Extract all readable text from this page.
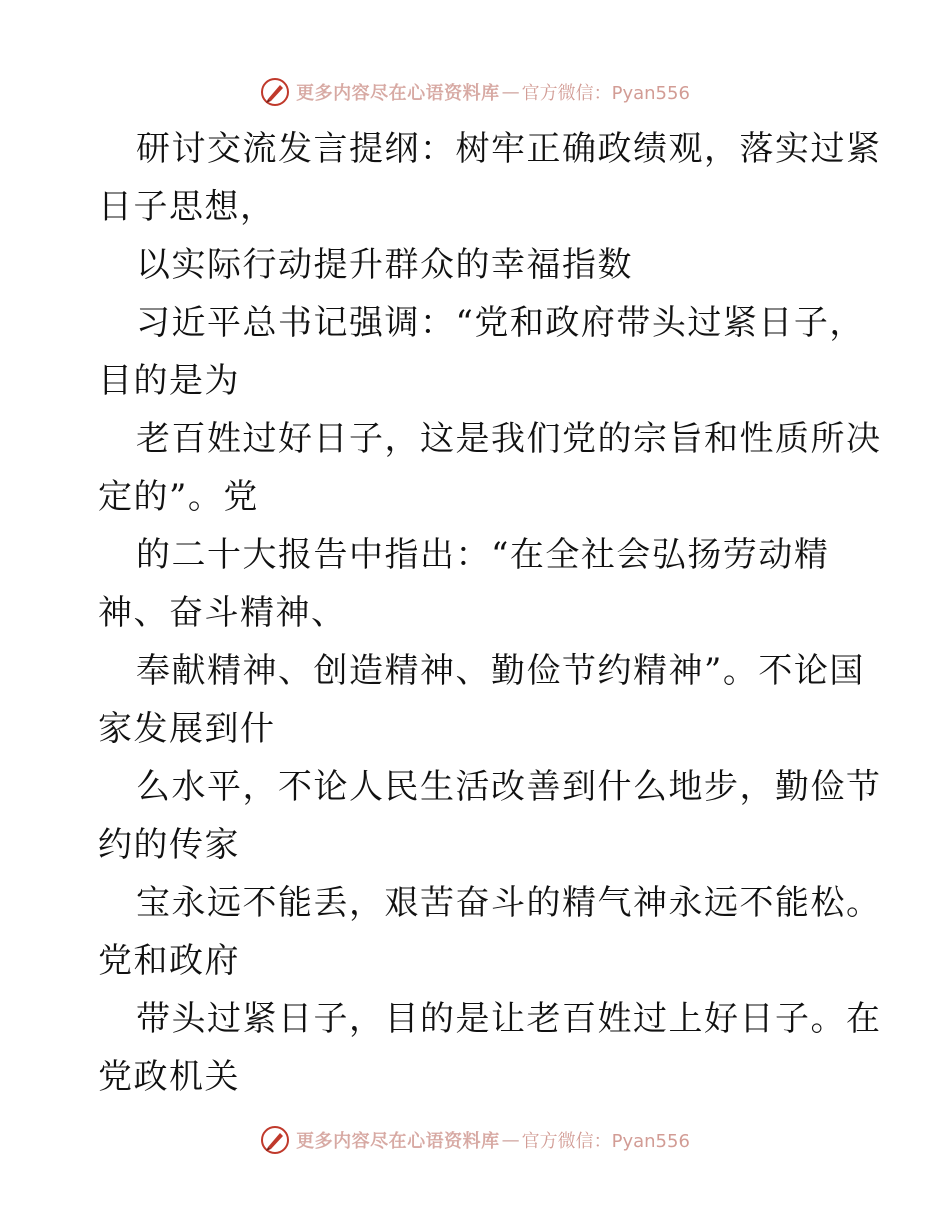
更多内容尽在心语资料库 — 官方微信：Pyan556
研讨交流发言提纲：树牢正确政绩观，落实过紧
日子思想，
以实际行动提升群众的幸福指数
习近平总书记强调：“党和政府带头过紧日子，
目的是为
老百姓过好日子，这是我们党的宗旨和性质所决
定的”。党
的二十大报告中指出：“在全社会弘扬劳动精
神、奋斗精神、
奉献精神、创造精神、勤俭节约精神”。不论国
家发展到什
么水平，不论人民生活改善到什么地步，勤俭节
约的传家
宝永远不能丢，艰苦奋斗的精气神永远不能松。
党和政府
带头过紧日子，目的是让老百姓过上好日子。在
党政机关
更多内容尽在心语资料库 — 官方微信：Pyan556
